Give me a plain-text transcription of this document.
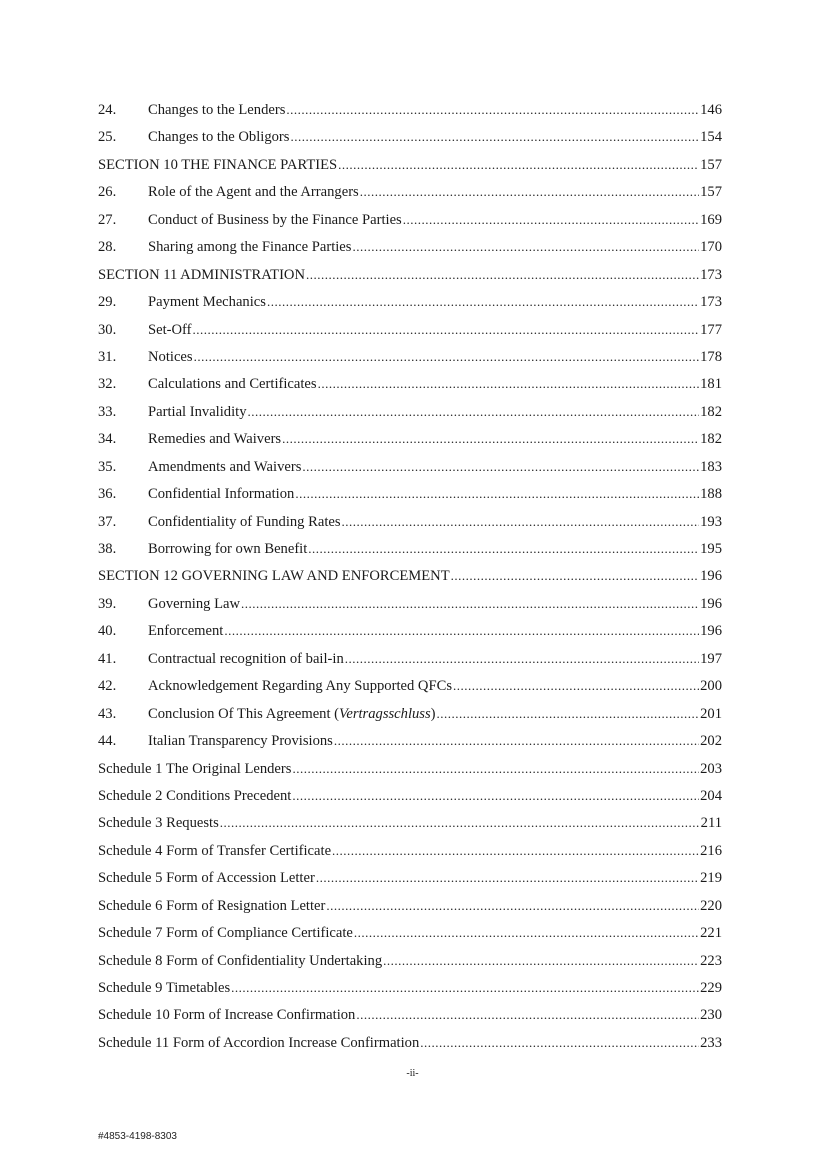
24.	Changes to the Lenders .....	146
25.	Changes to the Obligors .....	154
SECTION 10 THE FINANCE PARTIES .....	157
26.	Role of the Agent and the Arrangers .....	157
27.	Conduct of Business by the Finance Parties .....	169
28.	Sharing among the Finance Parties .....	170
SECTION 11 ADMINISTRATION .....	173
29.	Payment Mechanics .....	173
30.	Set-Off .....	177
31.	Notices .....	178
32.	Calculations and Certificates .....	181
33.	Partial Invalidity .....	182
34.	Remedies and Waivers .....	182
35.	Amendments and Waivers .....	183
36.	Confidential Information .....	188
37.	Confidentiality of Funding Rates .....	193
38.	Borrowing for own Benefit .....	195
SECTION 12 GOVERNING LAW AND ENFORCEMENT .....	196
39.	Governing Law .....	196
40.	Enforcement .....	196
41.	Contractual recognition of bail-in .....	197
42.	Acknowledgement Regarding Any Supported QFCs .....	200
43.	Conclusion Of This Agreement (Vertragsschluss) .....	201
44.	Italian Transparency Provisions .....	202
Schedule 1 The Original Lenders .....	203
Schedule 2 Conditions Precedent .....	204
Schedule 3 Requests .....	211
Schedule 4 Form of Transfer Certificate .....	216
Schedule 5 Form of Accession Letter .....	219
Schedule 6 Form of Resignation Letter .....	220
Schedule 7 Form of Compliance Certificate .....	221
Schedule 8 Form of Confidentiality Undertaking .....	223
Schedule 9 Timetables .....	229
Schedule 10 Form of Increase Confirmation .....	230
Schedule 11 Form of Accordion Increase Confirmation .....	233
-ii-
#4853-4198-8303
